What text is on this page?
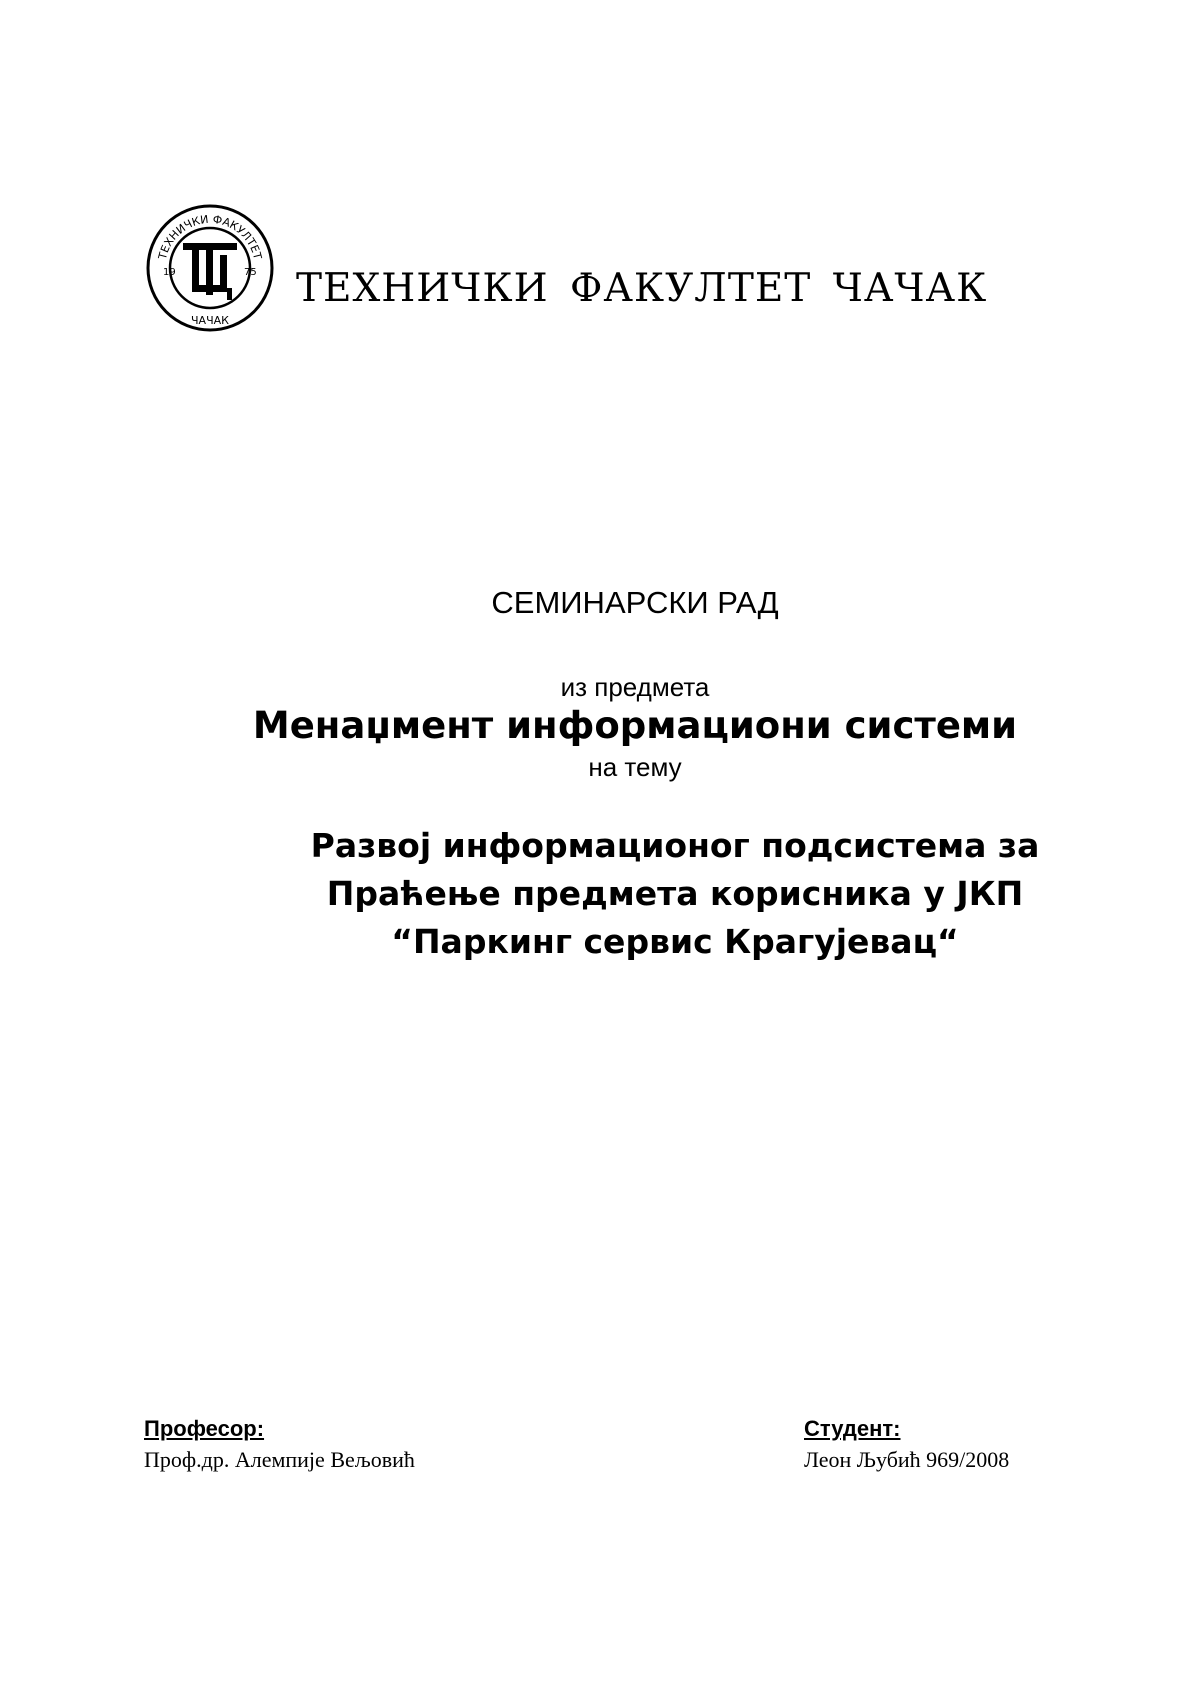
ТЕХНИЧКИ ФАКУЛТЕТ
ЧАЧАК
19	75 ТЕХНИЧКИ ФАКУЛТЕТ ЧАЧАК
СЕМИНАРСКИ РАД
из предмета
Менаџмент информациони системи
на тему
Развој информационог подсистема за
Праћење предмета корисника у ЈКП
“Паркинг сервис Крагујевац“
Професор:
Проф.др. Алемпије Вељовић
Студент:
Леон Љубић 969/2008
